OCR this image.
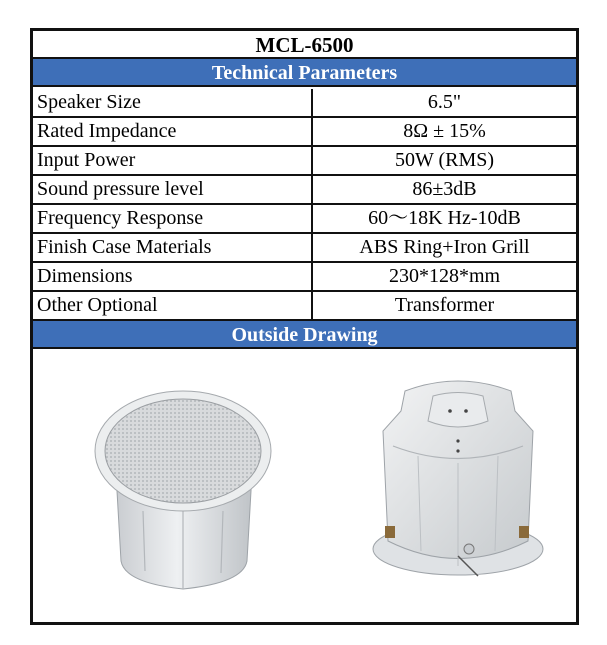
MCL-6500
Technical Parameters
Speaker Size	6.5"
Rated Impedance	8Ω ± 15%
Input Power	50W (RMS)
Sound pressure level	86±3dB
Frequency Response	60～18K Hz-10dB
Finish Case Materials	ABS Ring+Iron Grill
Dimensions	230*128*mm
Other Optional	Transformer
Outside Drawing
